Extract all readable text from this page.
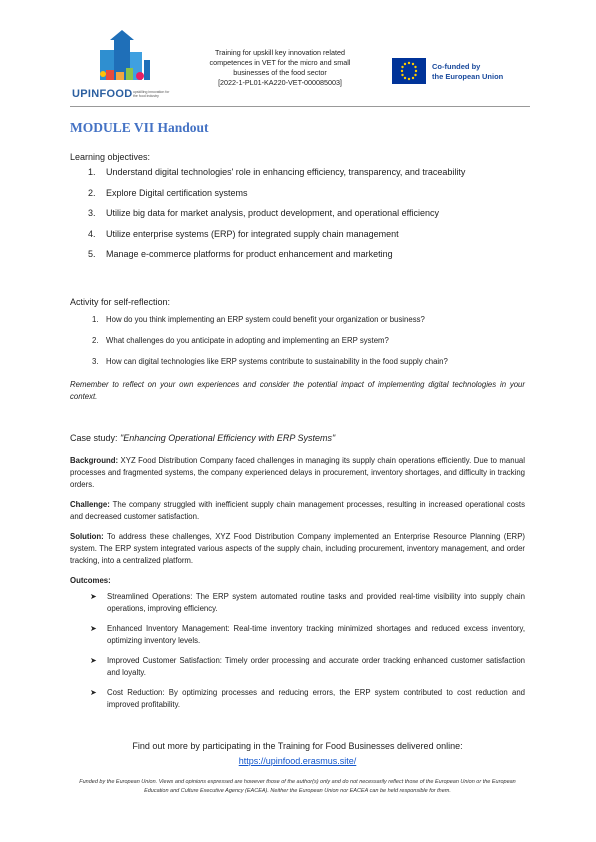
UPINFOOD upskilling innovation for the food industry
Training for upskill key innovation related
competences in VET for the micro and small
businesses of the food sector
[2022-1-PL01-KA220-VET-000085003]
Co-funded by
the European Union
MODULE VII Handout
Learning objectives:
1. Understand digital technologies' role in enhancing efficiency, transparency, and traceability
2. Explore Digital certification systems
3. Utilize big data for market analysis, product development, and operational efficiency
4. Utilize enterprise systems (ERP) for integrated supply chain management
5. Manage e-commerce platforms for product enhancement and marketing
Activity for self-reflection:
1. How do you think implementing an ERP system could benefit your organization or business?
2. What challenges do you anticipate in adopting and implementing an ERP system?
3. How can digital technologies like ERP systems contribute to sustainability in the food supply chain?
Remember to reflect on your own experiences and consider the potential impact of implementing digital technologies in your context.
Case study: "Enhancing Operational Efficiency with ERP Systems"
Background: XYZ Food Distribution Company faced challenges in managing its supply chain operations efficiently. Due to manual processes and fragmented systems, the company experienced delays in procurement, inventory shortages, and difficulty in tracking orders.
Challenge: The company struggled with inefficient supply chain management processes, resulting in increased operational costs and decreased customer satisfaction.
Solution: To address these challenges, XYZ Food Distribution Company implemented an Enterprise Resource Planning (ERP) system. The ERP system integrated various aspects of the supply chain, including procurement, inventory management, and order tracking, into a centralized platform.
Outcomes:
➤ Streamlined Operations: The ERP system automated routine tasks and provided real-time visibility into supply chain operations, improving efficiency.
➤ Enhanced Inventory Management: Real-time inventory tracking minimized shortages and reduced excess inventory, optimizing inventory levels.
➤ Improved Customer Satisfaction: Timely order processing and accurate order tracking enhanced customer satisfaction and loyalty.
➤ Cost Reduction: By optimizing processes and reducing errors, the ERP system contributed to cost reduction and improved profitability.
Find out more by participating in the Training for Food Businesses delivered online:
https://upinfood.erasmus.site/
Funded by the European Union. Views and opinions expressed are however those of the author(s) only and do not necessarily reflect those of the European Union or the European Education and Culture Executive Agency (EACEA). Neither the European Union nor EACEA can be held responsible for them.
